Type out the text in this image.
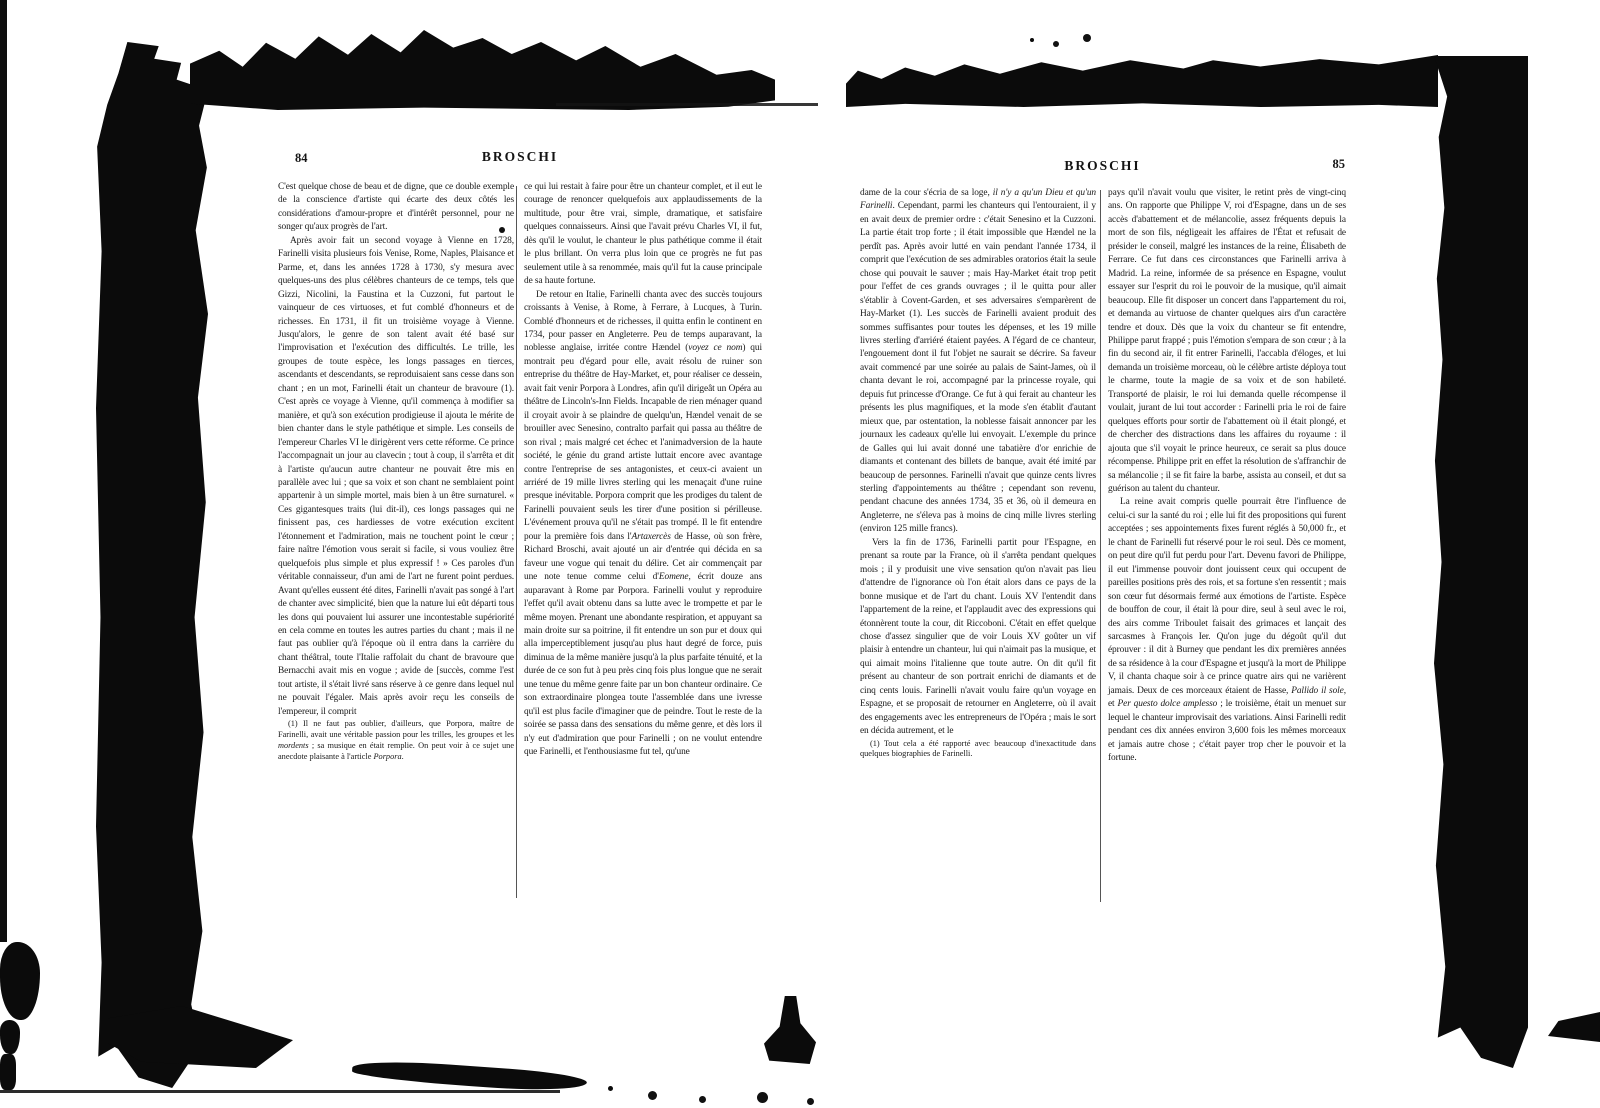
84	BROSCHI

C'est quelque chose de beau et de digne, que ce double exemple de la conscience d'artiste qui écarte des deux côtés les considérations d'amour-propre et d'intérêt personnel, pour ne songer qu'aux progrès de l'art.

Après avoir fait un second voyage à Vienne en 1728, Farinelli visita plusieurs fois Venise, Rome, Naples, Plaisance et Parme, et, dans les années 1728 à 1730, s'y mesura avec quelques-uns des plus célèbres chanteurs de ce temps, tels que Gizzi, Nicolini, la Faustina et la Cuzzoni, fut partout le vainqueur de ces virtuoses, et fut comblé d'honneurs et de richesses. En 1731, il fit un troisième voyage à Vienne. Jusqu'alors, le genre de son talent avait été basé sur l'improvisation et l'exécution des difficultés. Le trille, les groupes de toute espèce, les longs passages en tierces, ascendants et descendants, se reproduisaient sans cesse dans son chant ; en un mot, Farinelli était un chanteur de bravoure (1). C'est après ce voyage à Vienne, qu'il commença à modifier sa manière, et qu'à son exécution prodigieuse il ajouta le mérite de bien chanter dans le style pathétique et simple. Les conseils de l'empereur Charles VI le dirigèrent vers cette réforme. Ce prince l'accompagnait un jour au clavecin ; tout à coup, il s'arrêta et dit à l'artiste qu'aucun autre chanteur ne pouvait être mis en parallèle avec lui ; que sa voix et son chant ne semblaient point appartenir à un simple mortel, mais bien à un être surnaturel. « Ces gigantesques traits (lui dit-il), ces longs passages qui ne finissent pas, ces hardiesses de votre exécution excitent l'étonnement et l'admiration, mais ne touchent point le cœur ; faire naître l'émotion vous serait si facile, si vous vouliez être quelquefois plus simple et plus expressif ! » Ces paroles d'un véritable connaisseur, d'un ami de l'art ne furent point perdues. Avant qu'elles eussent été dites, Farinelli n'avait pas songé à l'art de chanter avec simplicité, bien que la nature lui eût départi tous les dons qui pouvaient lui assurer une incontestable supériorité en cela comme en toutes les autres parties du chant ; mais il ne faut pas oublier qu'à l'époque où il entra dans la carrière du chant théâtral, toute l'Italie raffolait du chant de bravoure que Bernacchi avait mis en vogue ; avide de [succès, comme l'est tout artiste, il s'était livré sans réserve à ce genre dans lequel nul ne pouvait l'égaler. Mais après avoir reçu les conseils de l'empereur, il comprit

(1) Il ne faut pas oublier, d'ailleurs, que Porpora, maître de Farinelli, avait une véritable passion pour les trilles, les groupes et les mordents ; sa musique en était remplie. On peut voir à ce sujet une anecdote plaisante à l'article Porpora.

ce qui lui restait à faire pour être un chanteur complet, et il eut le courage de renoncer quelquefois aux applaudissements de la multitude, pour être vrai, simple, dramatique, et satisfaire quelques connaisseurs. Ainsi que l'avait prévu Charles VI, il fut, dès qu'il le voulut, le chanteur le plus pathétique comme il était le plus brillant. On verra plus loin que ce progrès ne fut pas seulement utile à sa renommée, mais qu'il fut la cause principale de sa haute fortune.

De retour en Italie, Farinelli chanta avec des succès toujours croissants à Venise, à Rome, à Ferrare, à Lucques, à Turin. Comblé d'honneurs et de richesses, il quitta enfin le continent en 1734, pour passer en Angleterre. Peu de temps auparavant, la noblesse anglaise, irritée contre Hændel (voyez ce nom) qui montrait peu d'égard pour elle, avait résolu de ruiner son entreprise du théâtre de Hay-Market, et, pour réaliser ce dessein, avait fait venir Porpora à Londres, afin qu'il dirigeât un Opéra au théâtre de Lincoln's-Inn Fields. Incapable de rien ménager quand il croyait avoir à se plaindre de quelqu'un, Hændel venait de se brouiller avec Senesino, contralto parfait qui passa au théâtre de son rival ; mais malgré cet échec et l'animadversion de la haute société, le génie du grand artiste luttait encore avec avantage contre l'entreprise de ses antagonistes, et ceux-ci avaient un arriéré de 19 mille livres sterling qui les menaçait d'une ruine presque inévitable. Porpora comprit que les prodiges du talent de Farinelli pouvaient seuls les tirer d'une position si périlleuse. L'événement prouva qu'il ne s'était pas trompé. Il le fit entendre pour la première fois dans l'Artaxercès de Hasse, où son frère, Richard Broschi, avait ajouté un air d'entrée qui décida en sa faveur une vogue qui tenait du délire. Cet air commençait par une note tenue comme celui d'Eomene, écrit douze ans auparavant à Rome par Porpora. Farinelli voulut y reproduire l'effet qu'il avait obtenu dans sa lutte avec le trompette et par le même moyen. Prenant une abondante respiration, et appuyant sa main droite sur sa poitrine, il fit entendre un son pur et doux qui alla imperceptiblement jusqu'au plus haut degré de force, puis diminua de la même manière jusqu'à la plus parfaite ténuité, et la durée de ce son fut à peu près cinq fois plus longue que ne serait une tenue du même genre faite par un bon chanteur ordinaire. Ce son extraordinaire plongea toute l'assemblée dans une ivresse qu'il est plus facile d'imaginer que de peindre. Tout le reste de la soirée se passa dans des sensations du même genre, et dès lors il n'y eut d'admiration que pour Farinelli ; on ne voulut entendre que Farinelli, et l'enthousiasme fut tel, qu'une

BROSCHI	85

dame de la cour s'écria de sa loge, il n'y a qu'un Dieu et qu'un Farinelli. Cependant, parmi les chanteurs qui l'entouraient, il y en avait deux de premier ordre : c'était Senesino et la Cuzzoni. La partie était trop forte ; il était impossible que Hændel ne la perdît pas. Après avoir lutté en vain pendant l'année 1734, il comprit que l'exécution de ses admirables oratorios était la seule chose qui pouvait le sauver ; mais Hay-Market était trop petit pour l'effet de ces grands ouvrages ; il le quitta pour aller s'établir à Covent-Garden, et ses adversaires s'emparèrent de Hay-Market (1). Les succès de Farinelli avaient produit des sommes suffisantes pour toutes les dépenses, et les 19 mille livres sterling d'arriéré étaient payées. A l'égard de ce chanteur, l'engouement dont il fut l'objet ne saurait se décrire. Sa faveur avait commencé par une soirée au palais de Saint-James, où il chanta devant le roi, accompagné par la princesse royale, qui depuis fut princesse d'Orange. Ce fut à qui ferait au chanteur les présents les plus magnifiques, et la mode s'en établit d'autant mieux que, par ostentation, la noblesse faisait annoncer par les journaux les cadeaux qu'elle lui envoyait. L'exemple du prince de Galles qui lui avait donné une tabatière d'or enrichie de diamants et contenant des billets de banque, avait été imité par beaucoup de personnes. Farinelli n'avait que quinze cents livres sterling d'appointements au théâtre ; cependant son revenu, pendant chacune des années 1734, 35 et 36, où il demeura en Angleterre, ne s'éleva pas à moins de cinq mille livres sterling (environ 125 mille francs).

Vers la fin de 1736, Farinelli partit pour l'Espagne, en prenant sa route par la France, où il s'arrêta pendant quelques mois ; il y produisit une vive sensation qu'on n'avait pas lieu d'attendre de l'ignorance où l'on était alors dans ce pays de la bonne musique et de l'art du chant. Louis XV l'entendit dans l'appartement de la reine, et l'applaudit avec des expressions qui étonnèrent toute la cour, dit Riccoboni. C'était en effet quelque chose d'assez singulier que de voir Louis XV goûter un vif plaisir à entendre un chanteur, lui qui n'aimait pas la musique, et qui aimait moins l'italienne que toute autre. On dit qu'il fit présent au chanteur de son portrait enrichi de diamants et de cinq cents louis. Farinelli n'avait voulu faire qu'un voyage en Espagne, et se proposait de retourner en Angleterre, où il avait des engagements avec les entrepreneurs de l'Opéra ; mais le sort en décida autrement, et le

(1) Tout cela a été rapporté avec beaucoup d'inexactitude dans quelques biographies de Farinelli.

pays qu'il n'avait voulu que visiter, le retint près de vingt-cinq ans. On rapporte que Philippe V, roi d'Espagne, dans un de ses accès d'abattement et de mélancolie, assez fréquents depuis la mort de son fils, négligeait les affaires de l'État et refusait de présider le conseil, malgré les instances de la reine, Élisabeth de Ferrare. Ce fut dans ces circonstances que Farinelli arriva à Madrid. La reine, informée de sa présence en Espagne, voulut essayer sur l'esprit du roi le pouvoir de la musique, qu'il aimait beaucoup. Elle fit disposer un concert dans l'appartement du roi, et demanda au virtuose de chanter quelques airs d'un caractère tendre et doux. Dès que la voix du chanteur se fit entendre, Philippe parut frappé ; puis l'émotion s'empara de son cœur ; à la fin du second air, il fit entrer Farinelli, l'accabla d'éloges, et lui demanda un troisième morceau, où le célèbre artiste déploya tout le charme, toute la magie de sa voix et de son habileté. Transporté de plaisir, le roi lui demanda quelle récompense il voulait, jurant de lui tout accorder : Farinelli pria le roi de faire quelques efforts pour sortir de l'abattement où il était plongé, et de chercher des distractions dans les affaires du royaume : il ajouta que s'il voyait le prince heureux, ce serait sa plus douce récompense. Philippe prit en effet la résolution de s'affranchir de sa mélancolie ; il se fit faire la barbe, assista au conseil, et dut sa guérison au talent du chanteur.

La reine avait compris quelle pourrait être l'influence de celui-ci sur la santé du roi ; elle lui fit des propositions qui furent acceptées ; ses appointements fixes furent réglés à 50,000 fr., et le chant de Farinelli fut réservé pour le roi seul. Dès ce moment, on peut dire qu'il fut perdu pour l'art. Devenu favori de Philippe, il eut l'immense pouvoir dont jouissent ceux qui occupent de pareilles positions près des rois, et sa fortune s'en ressentit ; mais son cœur fut désormais fermé aux émotions de l'artiste. Espèce de bouffon de cour, il était là pour dire, seul à seul avec le roi, des airs comme Triboulet faisait des grimaces et lançait des sarcasmes à François Ier. Qu'on juge du dégoût qu'il dut éprouver : il dit à Burney que pendant les dix premières années de sa résidence à la cour d'Espagne et jusqu'à la mort de Philippe V, il chanta chaque soir à ce prince quatre airs qui ne varièrent jamais. Deux de ces morceaux étaient de Hasse, Pallido il sole, et Per questo dolce amplesso ; le troisième, était un menuet sur lequel le chanteur improvisait des variations. Ainsi Farinelli redit pendant ces dix années environ 3,600 fois les mêmes morceaux et jamais autre chose ; c'était payer trop cher le pouvoir et la fortune.
